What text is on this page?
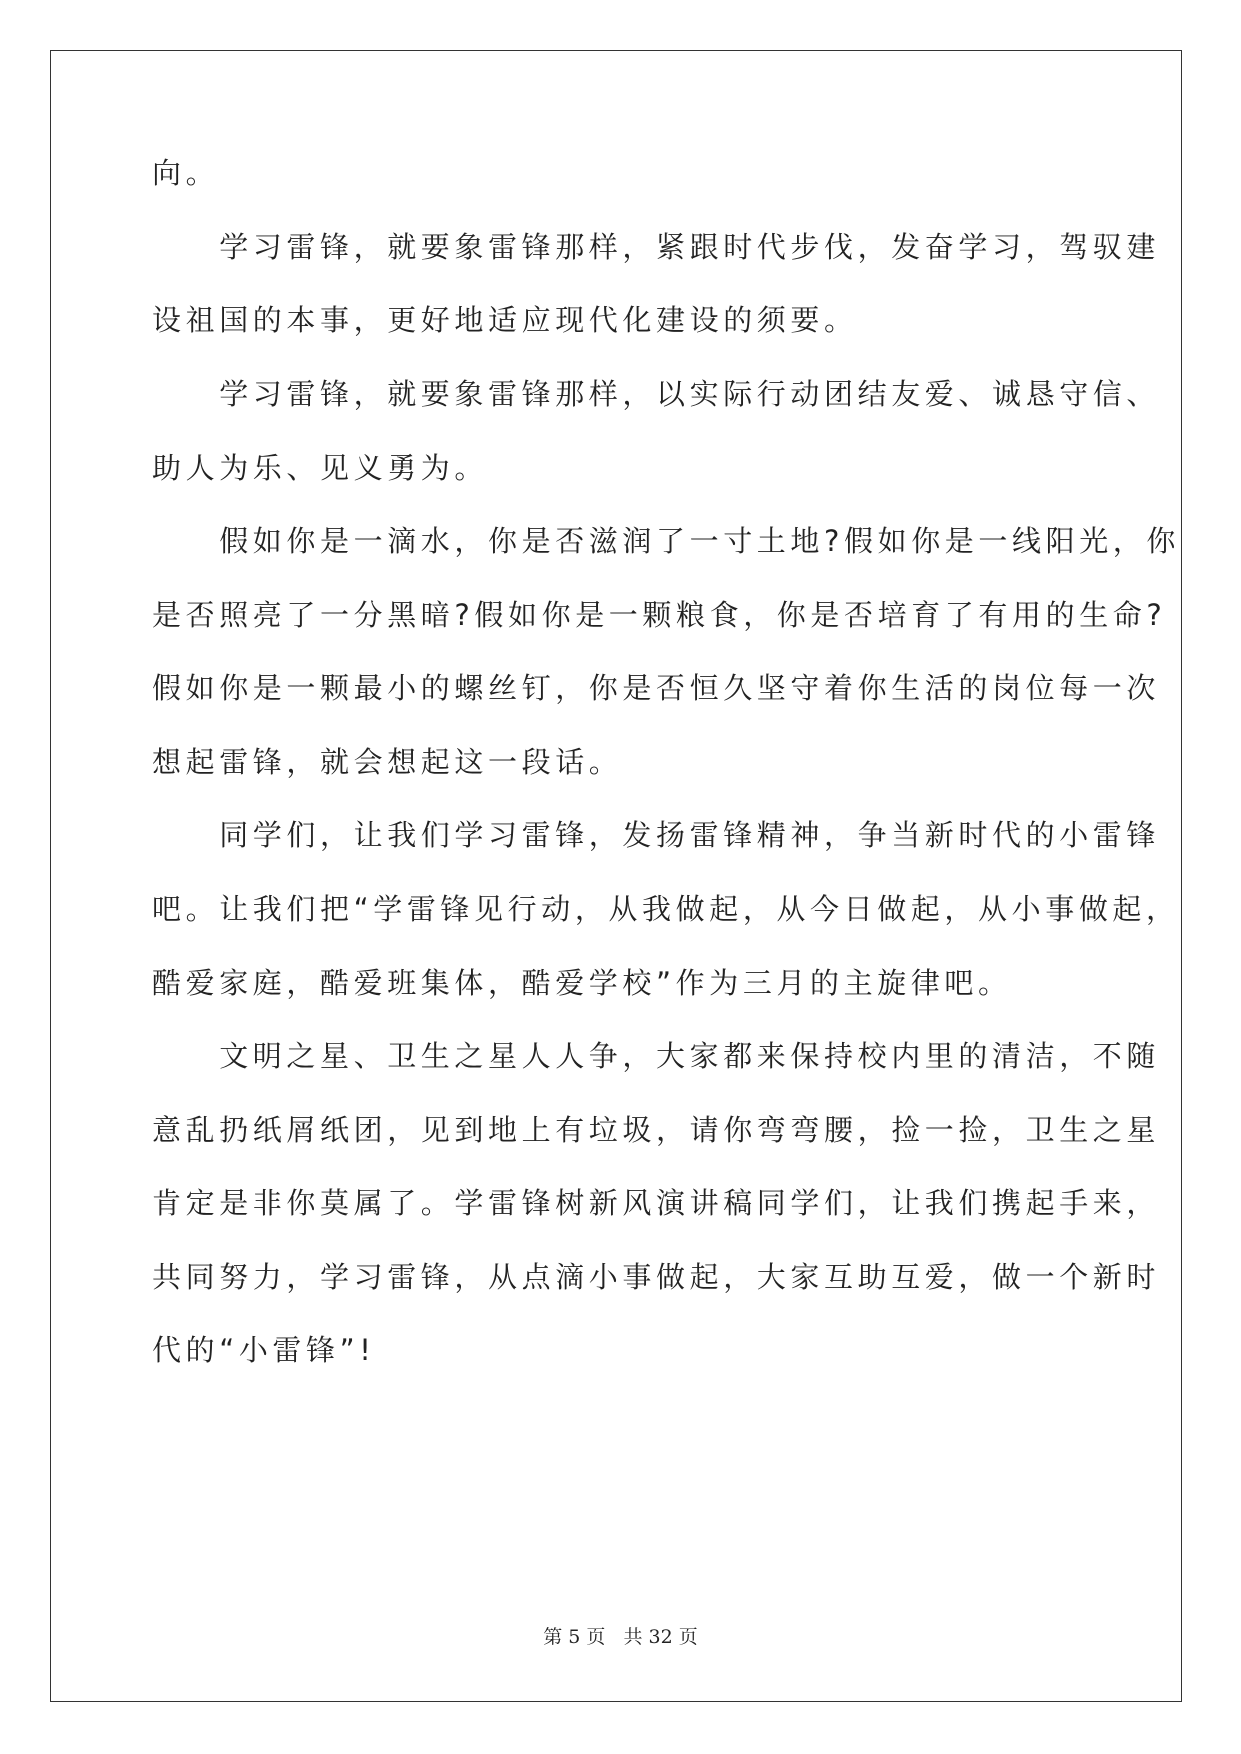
向。

　　学习雷锋，就要象雷锋那样，紧跟时代步伐，发奋学习，驾驭建

设祖国的本事，更好地适应现代化建设的须要。

　　学习雷锋，就要象雷锋那样，以实际行动团结友爱、诚恳守信、

助人为乐、见义勇为。

　　假如你是一滴水，你是否滋润了一寸土地?假如你是一线阳光，你

是否照亮了一分黑暗?假如你是一颗粮食，你是否培育了有用的生命?

假如你是一颗最小的螺丝钉，你是否恒久坚守着你生活的岗位每一次

想起雷锋，就会想起这一段话。

　　同学们，让我们学习雷锋，发扬雷锋精神，争当新时代的小雷锋

吧。让我们把“学雷锋见行动，从我做起，从今日做起，从小事做起，

酷爱家庭，酷爱班集体，酷爱学校”作为三月的主旋律吧。

　　文明之星、卫生之星人人争，大家都来保持校内里的清洁，不随

意乱扔纸屑纸团，见到地上有垃圾，请你弯弯腰，捡一捡，卫生之星

肯定是非你莫属了。学雷锋树新风演讲稿同学们，让我们携起手来，

共同努力，学习雷锋，从点滴小事做起，大家互助互爱，做一个新时

代的“小雷锋”!

第 5 页 共 32 页
